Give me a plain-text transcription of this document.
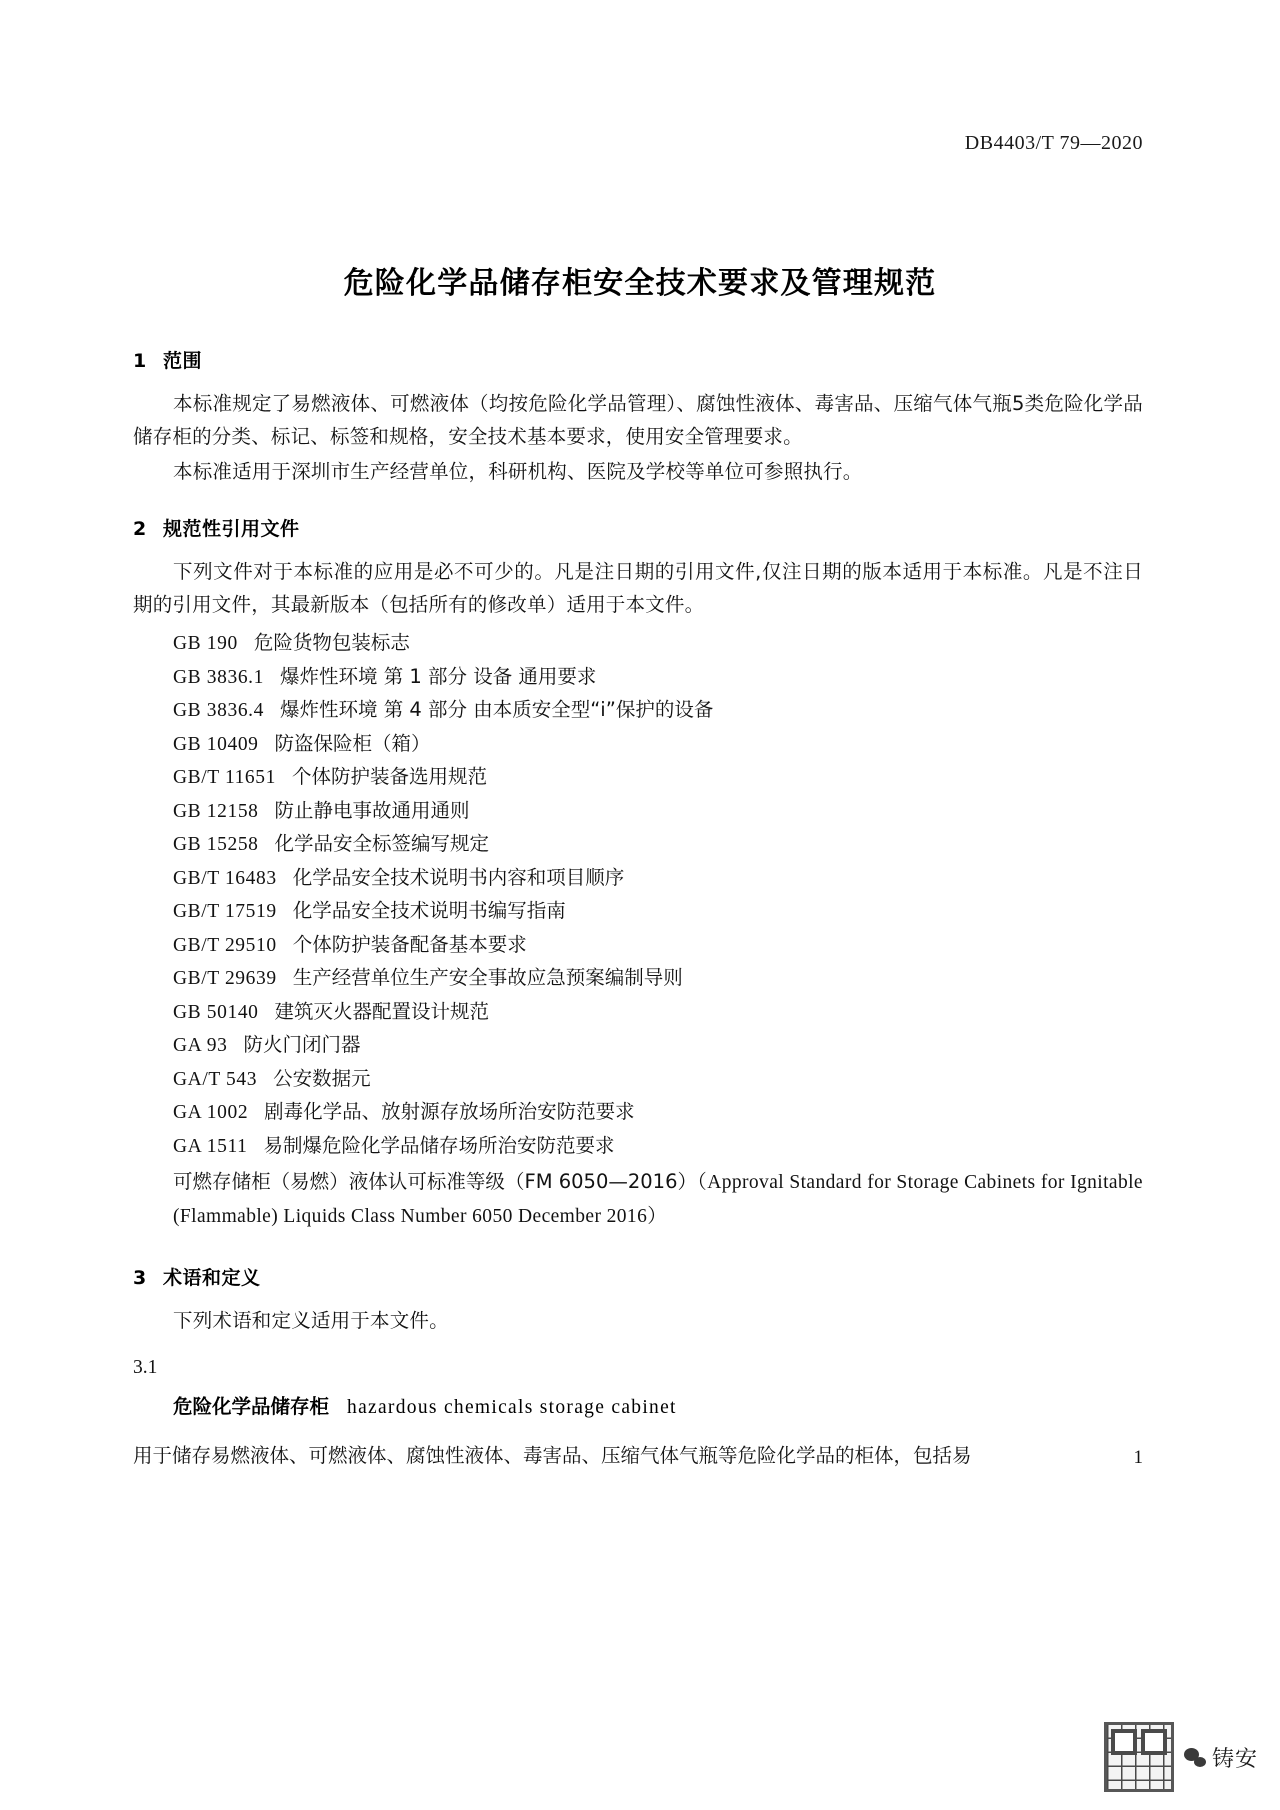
DB4403/T 79—2020
危险化学品储存柜安全技术要求及管理规范
1 范围

本标准规定了易燃液体、可燃液体（均按危险化学品管理）、腐蚀性液体、毒害品、压缩气体气瓶5类危险化学品储存柜的分类、标记、标签和规格，安全技术基本要求，使用安全管理要求。

本标准适用于深圳市生产经营单位，科研机构、医院及学校等单位可参照执行。

2 规范性引用文件

下列文件对于本标准的应用是必不可少的。凡是注日期的引用文件,仅注日期的版本适用于本标准。凡是不注日期的引用文件，其最新版本（包括所有的修改单）适用于本文件。

GB 190 危险货物包装标志
GB 3836.1 爆炸性环境 第 1 部分 设备 通用要求
GB 3836.4 爆炸性环境 第 4 部分 由本质安全型“i”保护的设备
GB 10409 防盗保险柜（箱）
GB/T 11651 个体防护装备选用规范
GB 12158 防止静电事故通用通则
GB 15258 化学品安全标签编写规定
GB/T 16483 化学品安全技术说明书内容和项目顺序
GB/T 17519 化学品安全技术说明书编写指南
GB/T 29510 个体防护装备配备基本要求
GB/T 29639 生产经营单位生产安全事故应急预案编制导则
GB 50140 建筑灭火器配置设计规范
GA 93 防火门闭门器
GA/T 543 公安数据元
GA 1002 剧毒化学品、放射源存放场所治安防范要求
GA 1511 易制爆危险化学品储存场所治安防范要求

可燃存储柜（易燃）液体认可标准等级（FM 6050—2016）（Approval Standard for Storage Cabinets for Ignitable (Flammable) Liquids Class Number 6050 December 2016）

3 术语和定义

下列术语和定义适用于本文件。

3.1
危险化学品储存柜 hazardous chemicals storage cabinet

用于储存易燃液体、可燃液体、腐蚀性液体、毒害品、压缩气体气瓶等危险化学品的柜体，包括易	1
铸安
